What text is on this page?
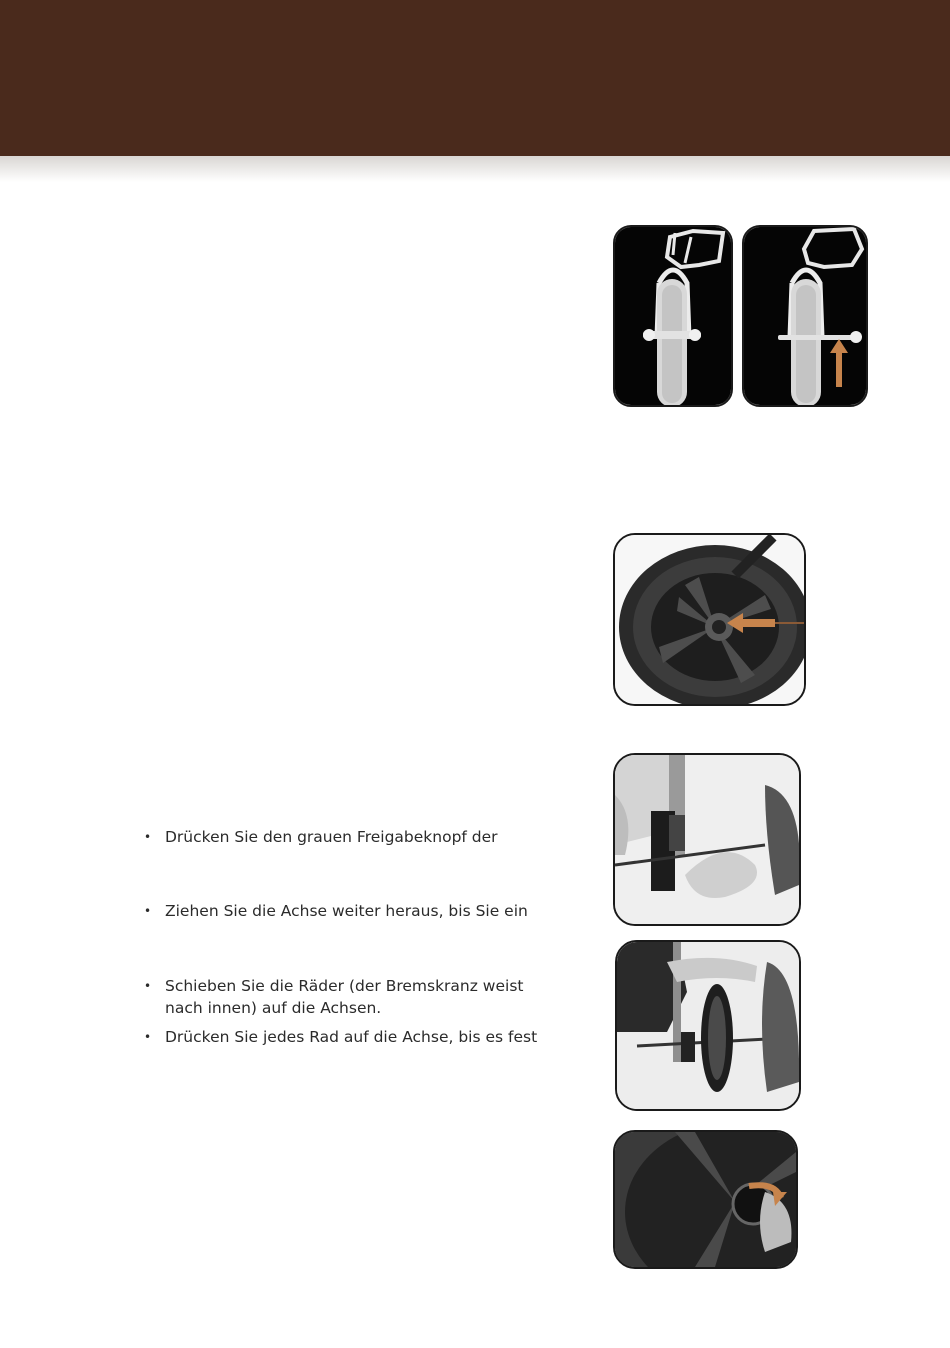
• Drücken Sie den grauen Freigabeknopf der
• Ziehen Sie die Achse weiter heraus, bis Sie ein
• Schieben Sie die Räder (der Bremskranz weist nach innen) auf die Achsen.
• Drücken Sie jedes Rad auf die Achse, bis es fest
